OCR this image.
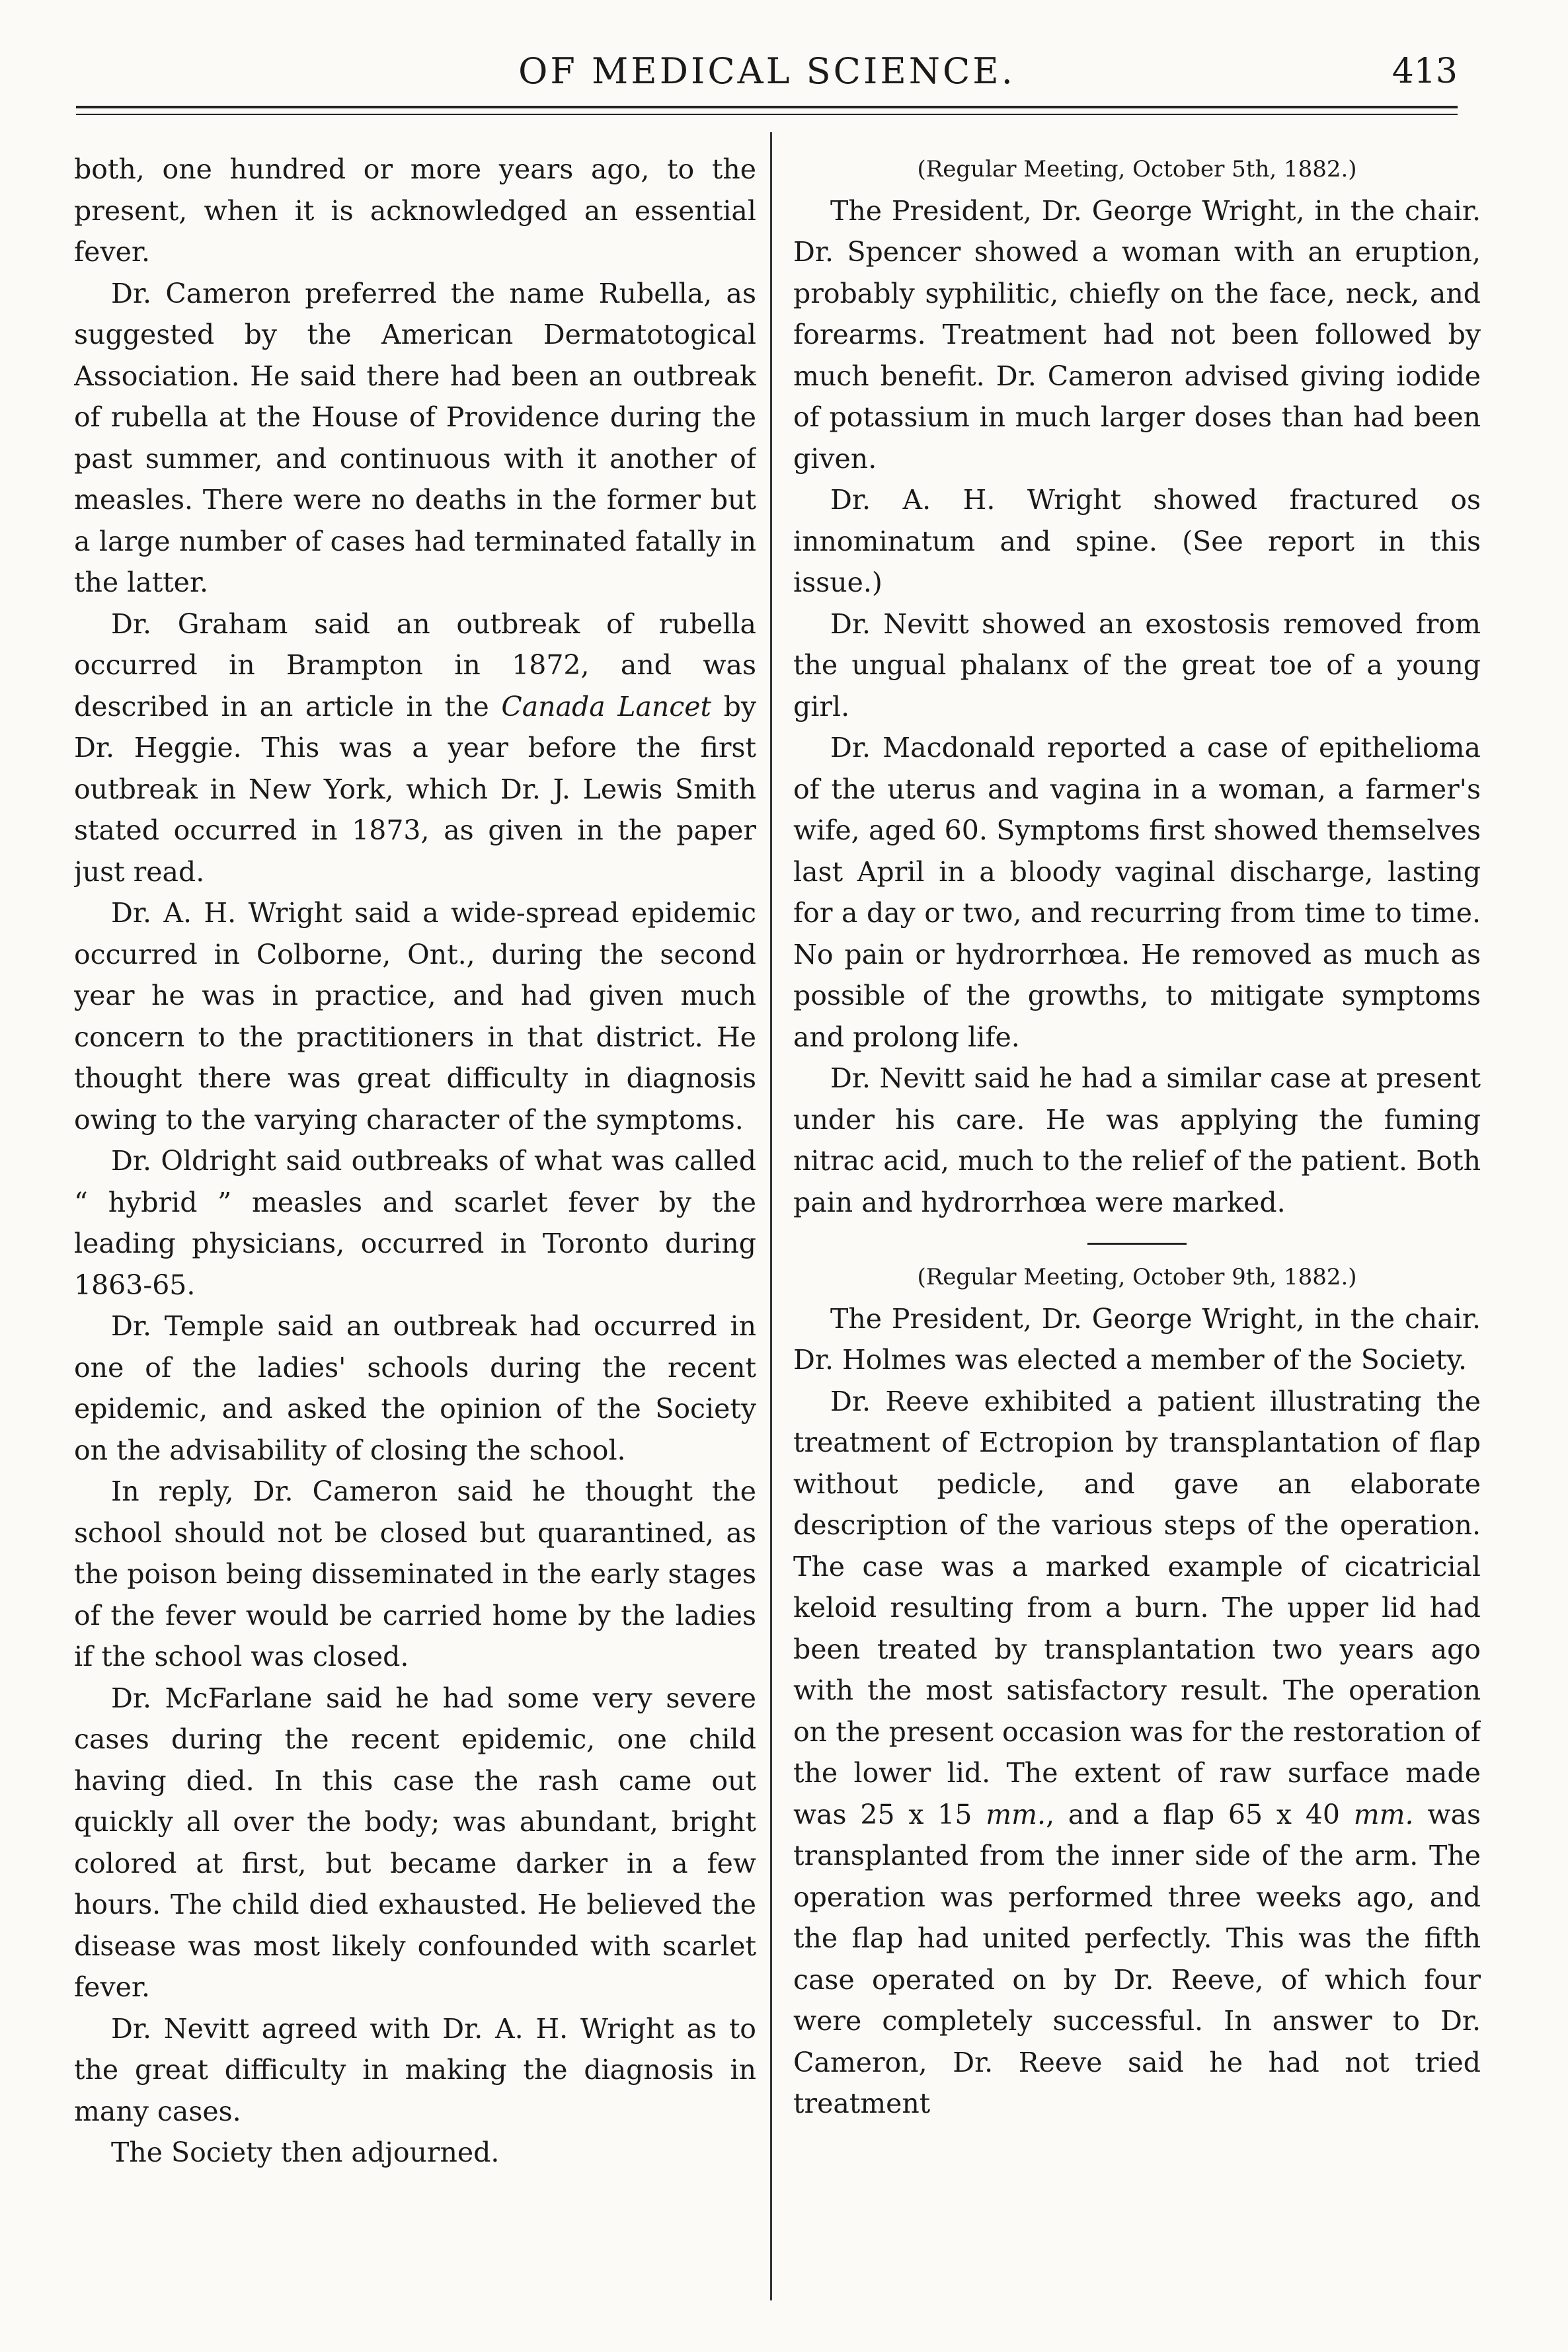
OF MEDICAL SCIENCE.	413

both, one hundred or more years ago, to the present, when it is acknowledged an essential fever.

Dr. Cameron preferred the name Rubella, as suggested by the American Dermatotogical Association. He said there had been an outbreak of rubella at the House of Providence during the past summer, and continuous with it another of measles. There were no deaths in the former but a large number of cases had terminated fatally in the latter.

Dr. Graham said an outbreak of rubella occurred in Brampton in 1872, and was described in an article in the Canada Lancet by Dr. Heggie. This was a year before the first outbreak in New York, which Dr. J. Lewis Smith stated occurred in 1873, as given in the paper just read.

Dr. A. H. Wright said a wide-spread epidemic occurred in Colborne, Ont., during the second year he was in practice, and had given much concern to the practitioners in that district. He thought there was great difficulty in diagnosis owing to the varying character of the symptoms.

Dr. Oldright said outbreaks of what was called “ hybrid ” measles and scarlet fever by the leading physicians, occurred in Toronto during 1863-65.

Dr. Temple said an outbreak had occurred in one of the ladies' schools during the recent epidemic, and asked the opinion of the Society on the advisability of closing the school.

In reply, Dr. Cameron said he thought the school should not be closed but quarantined, as the poison being disseminated in the early stages of the fever would be carried home by the ladies if the school was closed.

Dr. McFarlane said he had some very severe cases during the recent epidemic, one child having died. In this case the rash came out quickly all over the body; was abundant, bright colored at first, but became darker in a few hours. The child died exhausted. He believed the disease was most likely confounded with scarlet fever.

Dr. Nevitt agreed with Dr. A. H. Wright as to the great difficulty in making the diagnosis in many cases.

The Society then adjourned.

(Regular Meeting, October 5th, 1882.)

The President, Dr. George Wright, in the chair. Dr. Spencer showed a woman with an eruption, probably syphilitic, chiefly on the face, neck, and forearms. Treatment had not been followed by much benefit. Dr. Cameron advised giving iodide of potassium in much larger doses than had been given.

Dr. A. H. Wright showed fractured os innominatum and spine. (See report in this issue.)

Dr. Nevitt showed an exostosis removed from the ungual phalanx of the great toe of a young girl.

Dr. Macdonald reported a case of epithelioma of the uterus and vagina in a woman, a farmer's wife, aged 60. Symptoms first showed themselves last April in a bloody vaginal discharge, lasting for a day or two, and recurring from time to time. No pain or hydrorrhœa. He removed as much as possible of the growths, to mitigate symptoms and prolong life.

Dr. Nevitt said he had a similar case at present under his care. He was applying the fuming nitrac acid, much to the relief of the patient. Both pain and hydrorrhœa were marked.

(Regular Meeting, October 9th, 1882.)

The President, Dr. George Wright, in the chair. Dr. Holmes was elected a member of the Society.

Dr. Reeve exhibited a patient illustrating the treatment of Ectropion by transplantation of flap without pedicle, and gave an elaborate description of the various steps of the operation. The case was a marked example of cicatricial keloid resulting from a burn. The upper lid had been treated by transplantation two years ago with the most satisfactory result. The operation on the present occasion was for the restoration of the lower lid. The extent of raw surface made was 25 x 15 mm., and a flap 65 x 40 mm. was transplanted from the inner side of the arm. The operation was performed three weeks ago, and the flap had united perfectly. This was the fifth case operated on by Dr. Reeve, of which four were completely successful. In answer to Dr. Cameron, Dr. Reeve said he had not tried treatment
